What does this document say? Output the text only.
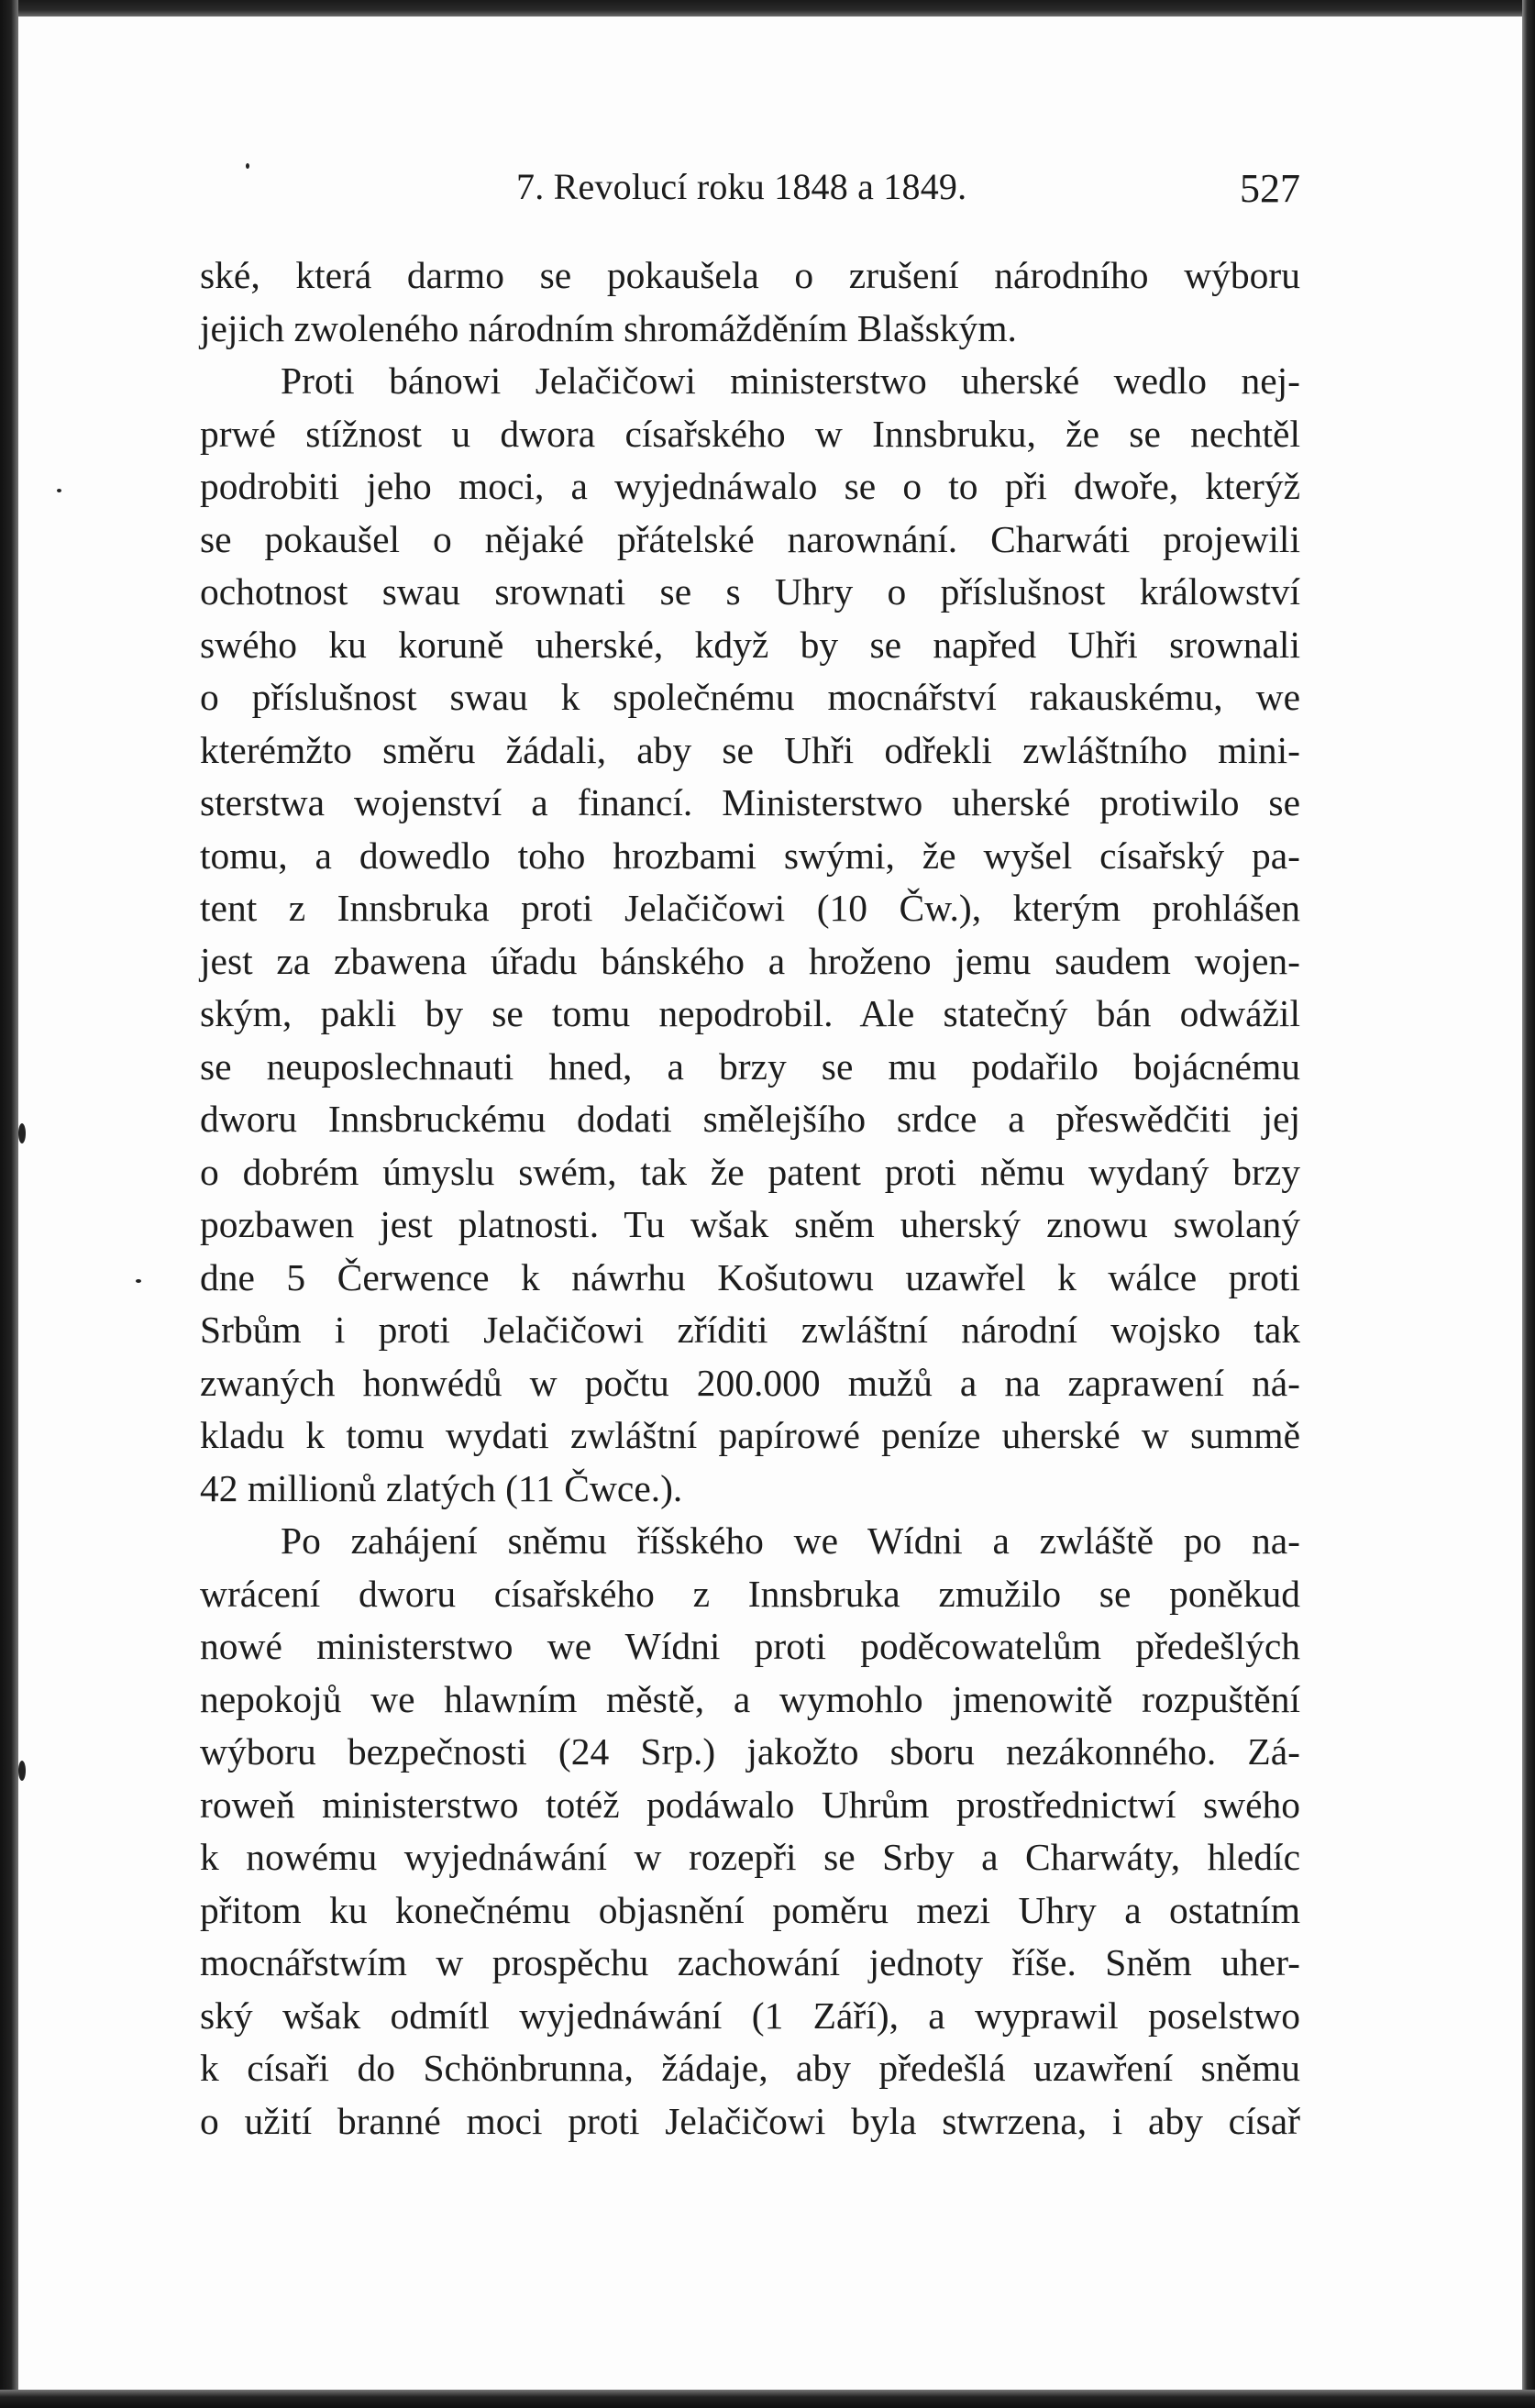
7. Revolucí roku 1848 a 1849.	527
ské, která darmo se pokaušela o zrušení národního wýboru
jejich zwoleného národním shromážděním Blašským.
Proti bánowi Jelačičowi ministerstwo uherské wedlo nej-
prwé stížnost u dwora císařského w Innsbruku, že se nechtěl
podrobiti jeho moci, a wyjednáwalo se o to při dwoře, kterýž
se pokaušel o nějaké přátelské narownání. Charwáti projewili
ochotnost swau srownati se s Uhry o příslušnost králowství
swého ku koruně uherské, když by se napřed Uhři srownali
o příslušnost swau k společnému mocnářství rakauskému, we
kterémžto směru žádali, aby se Uhři odřekli zwláštního mini-
sterstwa wojenství a financí. Ministerstwo uherské protiwilo se
tomu, a dowedlo toho hrozbami swými, že wyšel císařský pa-
tent z Innsbruka proti Jelačičowi (10 Čw.), kterým prohlášen
jest za zbawena úřadu bánského a hroženo jemu saudem wojen-
ským, pakli by se tomu nepodrobil. Ale statečný bán odwážil
se neuposlechnauti hned, a brzy se mu podařilo bojácnému
dworu Innsbruckému dodati smělejšího srdce a přeswědčiti jej
o dobrém úmyslu swém, tak že patent proti němu wydaný brzy
pozbawen jest platnosti. Tu wšak sněm uherský znowu swolaný
dne 5 Čerwence k náwrhu Košutowu uzawřel k wálce proti
Srbům i proti Jelačičowi zříditi zwláštní národní wojsko tak
zwaných honwédů w počtu 200.000 mužů a na zaprawení ná-
kladu k tomu wydati zwláštní papírowé peníze uherské w summě
42 millionů zlatých (11 Čwce.).
Po zahájení sněmu říšského we Wídni a zwláště po na-
wrácení dworu císařského z Innsbruka zmužilo se poněkud
nowé ministerstwo we Wídni proti poděcowatelům předešlých
nepokojů we hlawním městě, a wymohlo jmenowitě rozpuštění
wýboru bezpečnosti (24 Srp.) jakožto sboru nezákonného. Zá-
roweň ministerstwo totéž podáwalo Uhrům prostřednictwí swého
k nowému wyjednáwání w rozepři se Srby a Charwáty, hledíc
přitom ku konečnému objasnění poměru mezi Uhry a ostatním
mocnářstwím w prospěchu zachowání jednoty říše. Sněm uher-
ský wšak odmítl wyjednáwání (1 Září), a wyprawil poselstwo
k císaři do Schönbrunna, žádaje, aby předešlá uzawření sněmu
o užití branné moci proti Jelačičowi byla stwrzena, i aby císař
